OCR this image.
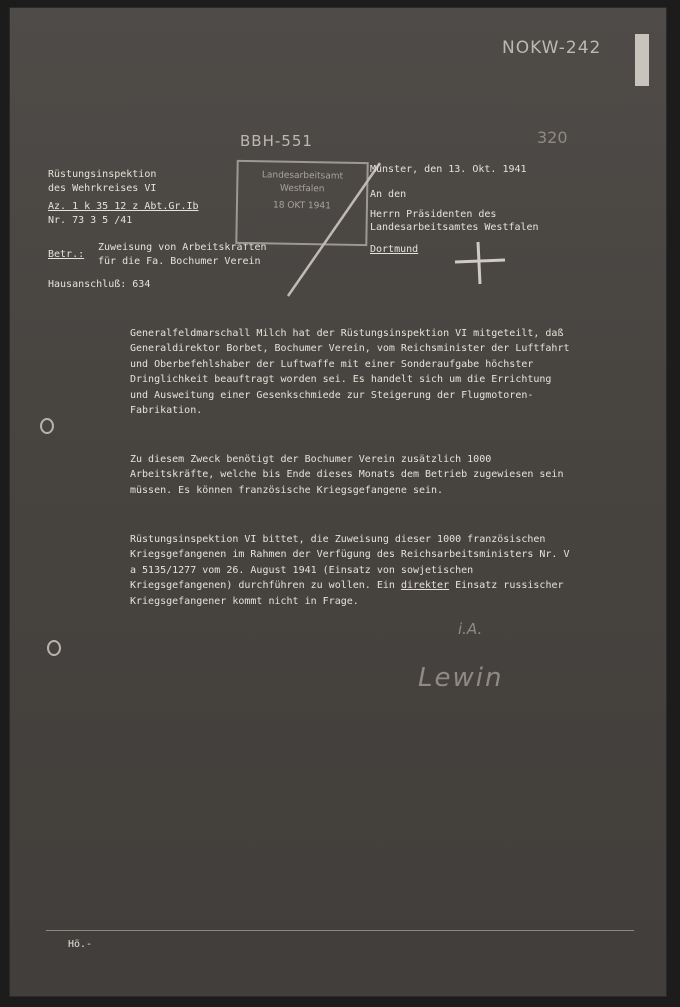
NOKW-242
BBH-551	320
Rüstungsinspektion
des Wehrkreises VI
Az. 1 k 35 12 z Abt.Gr.Ib
Nr. 73 3 5 /41
Betr.:
Zuweisung von Arbeitskräften
für die Fa. Bochumer Verein
Hausanschluß: 634
Landesarbeitsamt
Westfalen
18 OKT 1941
Münster, den 13. Okt. 1941
An den
Herrn Präsidenten des
Landesarbeitsamtes Westfalen
Dortmund
Generalfeldmarschall Milch hat der Rüstungsinspektion VI mitgeteilt, daß Generaldirektor Borbet, Bochumer Verein, vom Reichsminister der Luftfahrt und Oberbefehlshaber der Luftwaffe mit einer Sonderaufgabe höchster Dringlichkeit beauftragt worden sei. Es handelt sich um die Errichtung und Ausweitung einer Gesenkschmiede zur Steigerung der Flugmotoren-Fabrikation.
Zu diesem Zweck benötigt der Bochumer Verein zusätzlich 1000 Arbeitskräfte, welche bis Ende dieses Monats dem Betrieb zugewiesen sein müssen. Es können französische Kriegsgefangene sein.
Rüstungsinspektion VI bittet, die Zuweisung dieser 1000 französischen Kriegsgefangenen im Rahmen der Verfügung des Reichsarbeitsministers Nr. V a 5135/1277 vom 26. August 1941 (Einsatz von sowjetischen Kriegsgefangenen) durchführen zu wollen. Ein direkter Einsatz russischer Kriegsgefangener kommt nicht in Frage.
i.A.
Lewin
Hö.-
